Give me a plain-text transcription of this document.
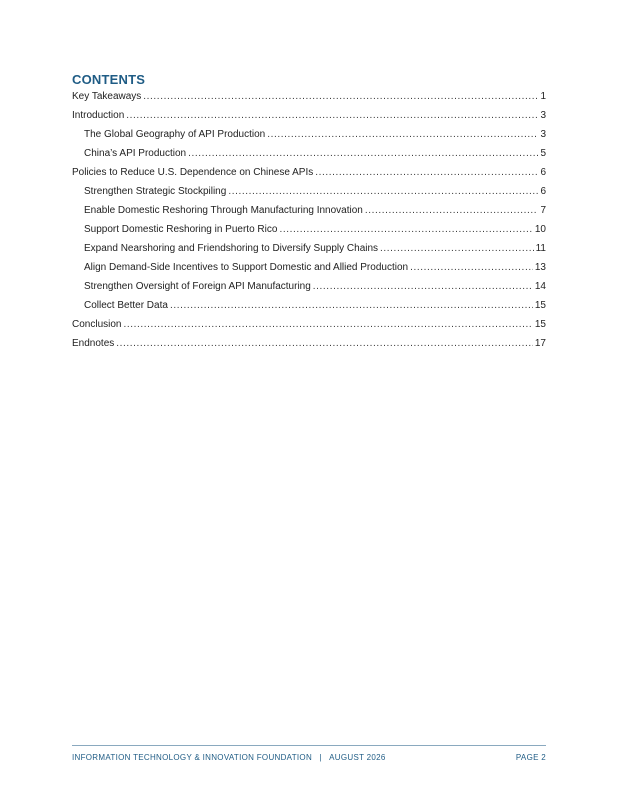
CONTENTS
Key Takeaways .....	1
Introduction .....	3
The Global Geography of API Production .....	3
China’s API Production .....	5
Policies to Reduce U.S. Dependence on Chinese APIs .....	6
Strengthen Strategic Stockpiling .....	6
Enable Domestic Reshoring Through Manufacturing Innovation .....	7
Support Domestic Reshoring in Puerto Rico .....	10
Expand Nearshoring and Friendshoring to Diversify Supply Chains .....	11
Align Demand-Side Incentives to Support Domestic and Allied Production .....	13
Strengthen Oversight of Foreign API Manufacturing .....	14
Collect Better Data .....	15
Conclusion .....	15
Endnotes .....	17
INFORMATION TECHNOLOGY & INNOVATION FOUNDATION | AUGUST 2026	PAGE 2
